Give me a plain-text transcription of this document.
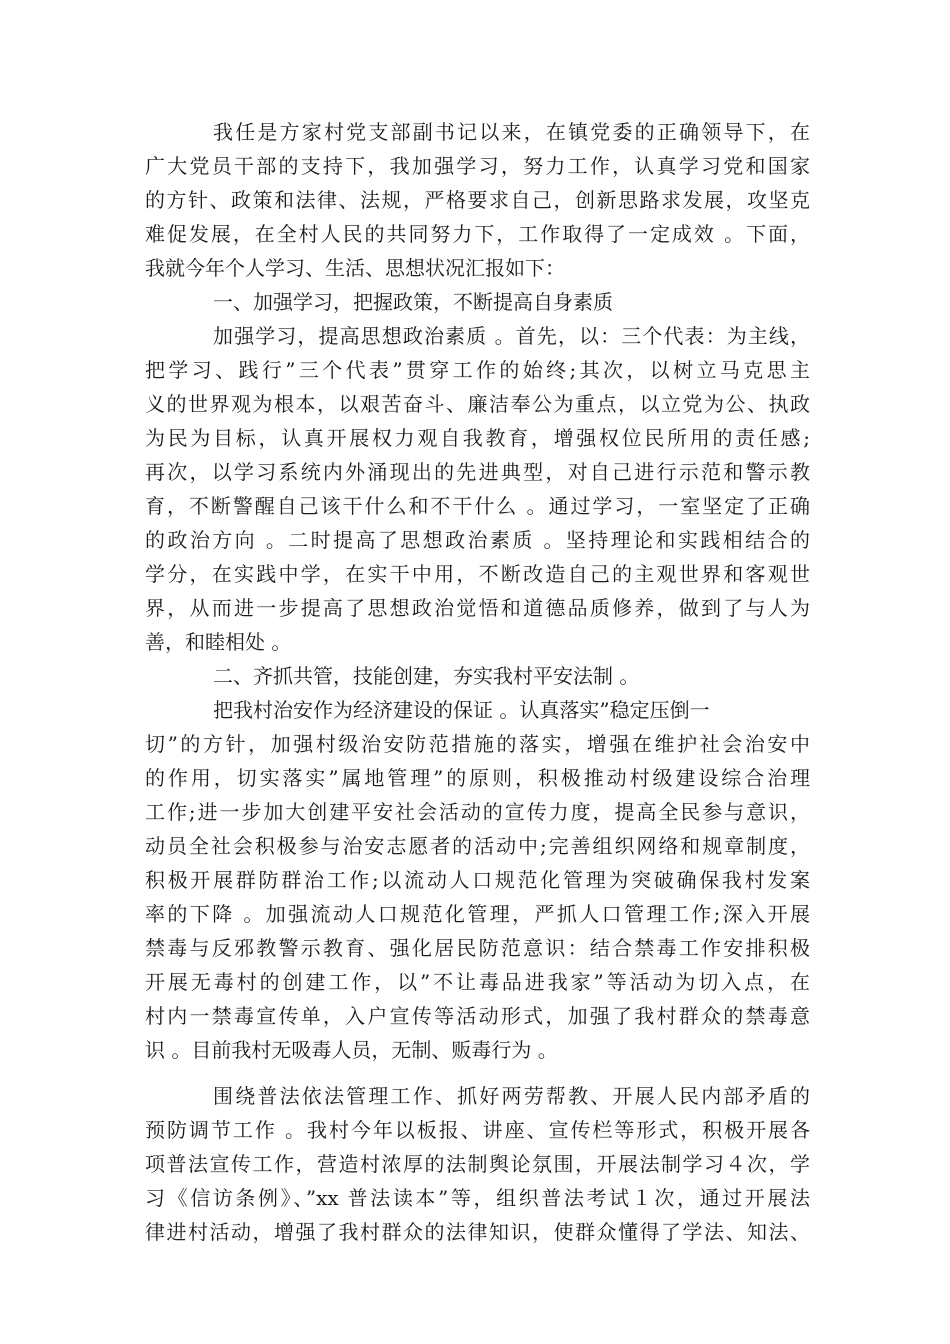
我任是方家村党支部副书记以来，在镇党委的正确领导下，在
广大党员干部的支持下，我加强学习，努力工作，认真学习党和国家
的方针、政策和法律、法规，严格要求自己，创新思路求发展，攻坚克
难促发展，在全村人民的共同努力下，工作取得了一定成效 。下面，
我就今年个人学习、生活、思想状况汇报如下：
一、加强学习，把握政策，不断提高自身素质
加强学习，提高思想政治素质 。首先，以：三个代表：为主线，
把学习、践行”三个代表”贯穿工作的始终;其次，以树立马克思主
义的世界观为根本，以艰苦奋斗、廉洁奉公为重点，以立党为公、执政
为民为目标，认真开展权力观自我教育，增强权位民所用的责任感;
再次，以学习系统内外涌现出的先进典型，对自己进行示范和警示教
育，不断警醒自己该干什么和不干什么 。通过学习，一室坚定了正确
的政治方向 。二时提高了思想政治素质 。坚持理论和实践相结合的
学分，在实践中学，在实干中用，不断改造自己的主观世界和客观世
界，从而进一步提高了思想政治觉悟和道德品质修养，做到了与人为
善，和睦相处 。
二、齐抓共管，技能创建，夯实我村平安法制 。
把我村治安作为经济建设的保证 。认真落实”稳定压倒一
切”的方针，加强村级治安防范措施的落实，增强在维护社会治安中
的作用，切实落实”属地管理”的原则，积极推动村级建设综合治理
工作;进一步加大创建平安社会活动的宣传力度，提高全民参与意识，
动员全社会积极参与治安志愿者的活动中;完善组织网络和规章制度，
积极开展群防群治工作;以流动人口规范化管理为突破确保我村发案
率的下降 。加强流动人口规范化管理，严抓人口管理工作;深入开展
禁毒与反邪教警示教育、强化居民防范意识：结合禁毒工作安排积极
开展无毒村的创建工作，以”不让毒品进我家”等活动为切入点，在
村内一禁毒宣传单，入户宣传等活动形式，加强了我村群众的禁毒意
识 。目前我村无吸毒人员，无制、贩毒行为 。
围绕普法依法管理工作、抓好两劳帮教、开展人民内部矛盾的
预防调节工作 。我村今年以板报、讲座、宣传栏等形式，积极开展各
项普法宣传工作，营造村浓厚的法制舆论氛围，开展法制学习４次，学
习《信访条例》、”xx 普法读本”等，组织普法考试１次，通过开展法
律进村活动，增强了我村群众的法律知识，使群众懂得了学法、知法、
